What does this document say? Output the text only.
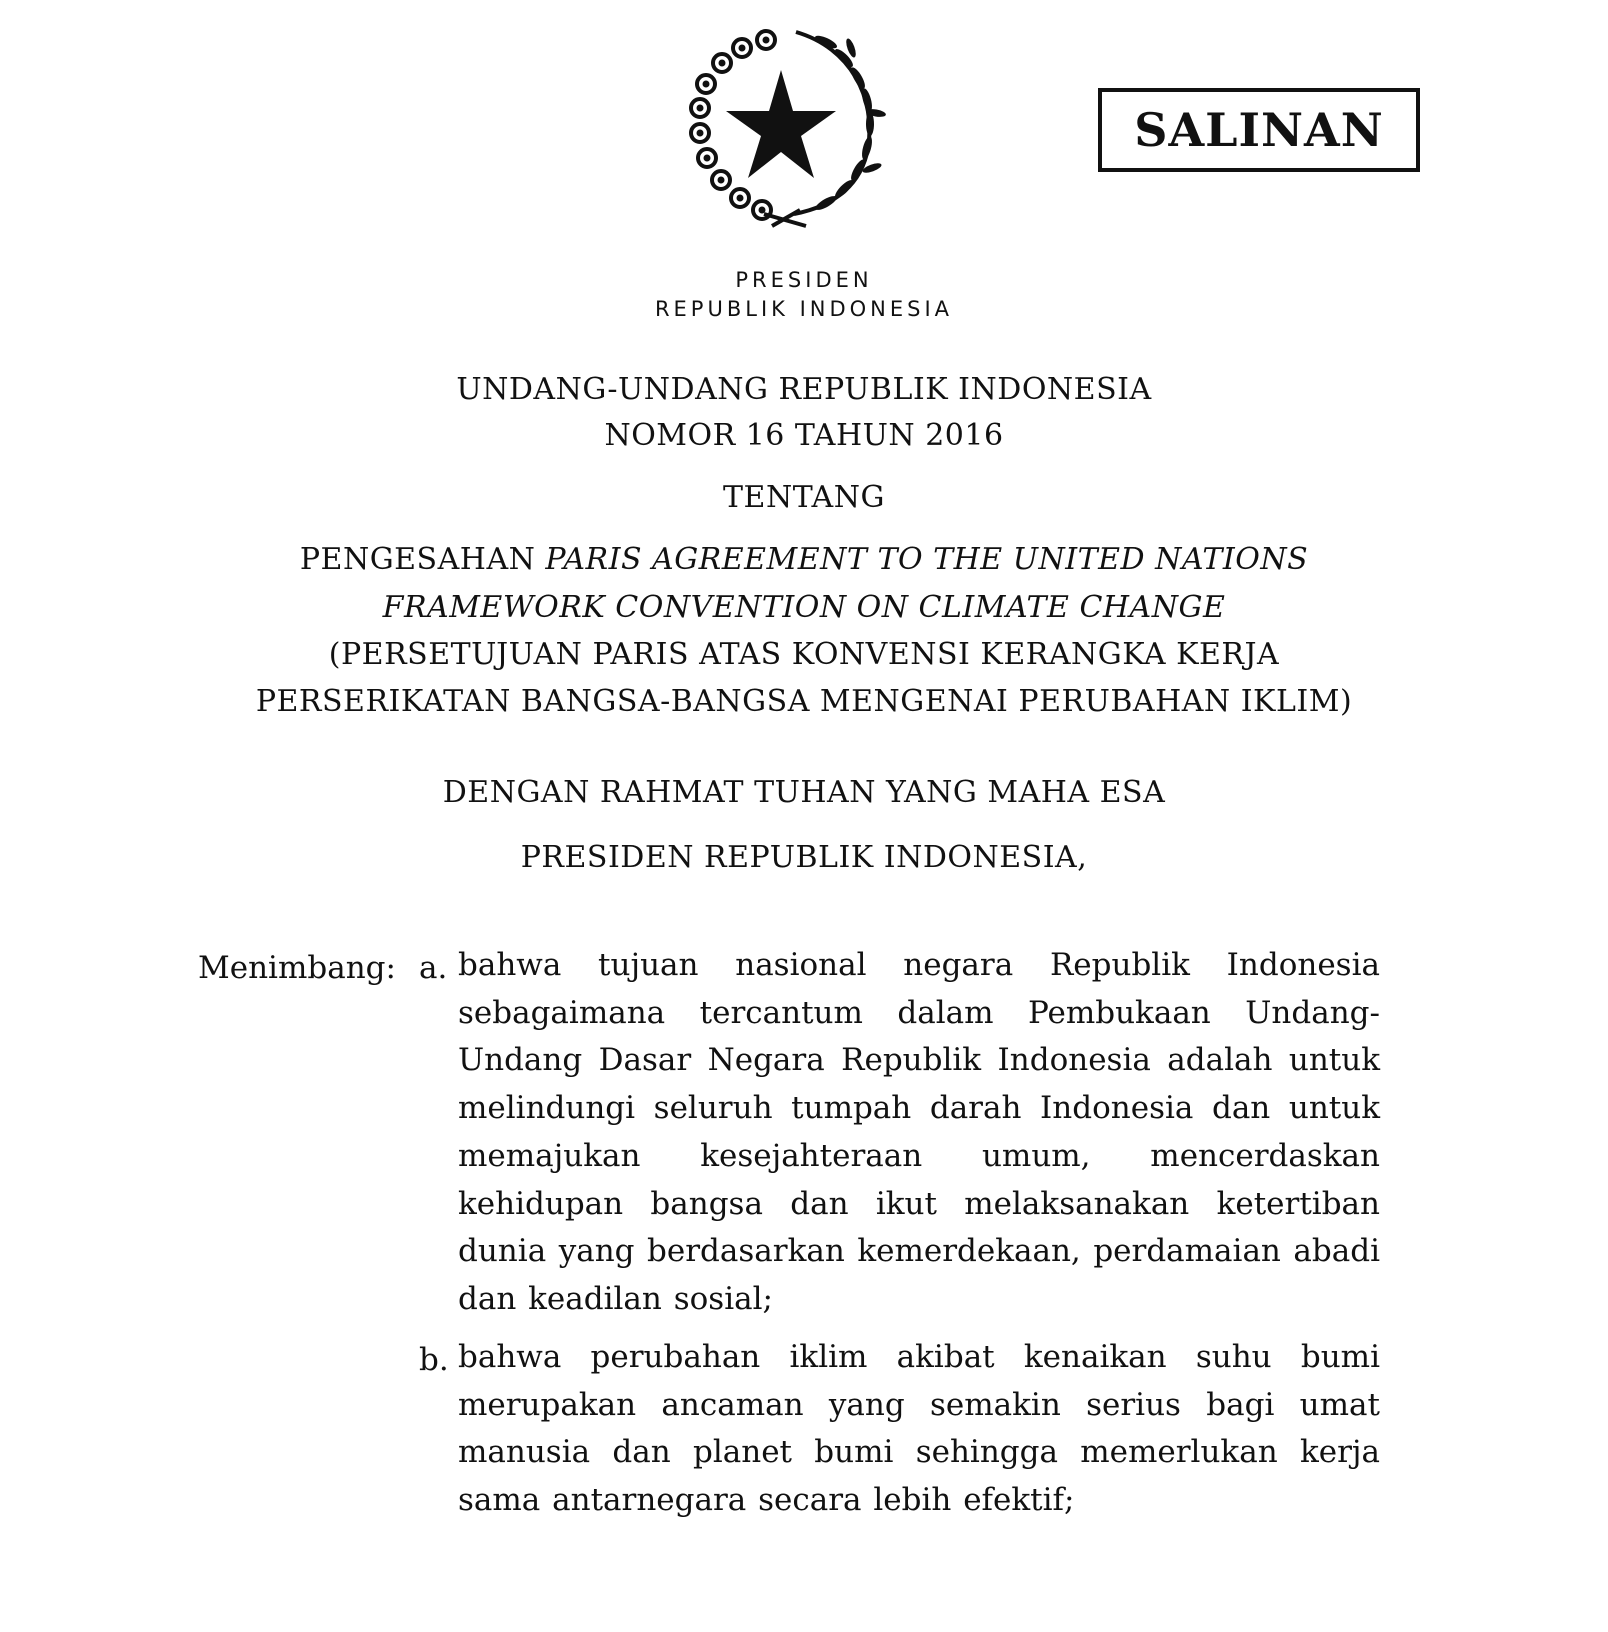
SALINAN
PRESIDEN
REPUBLIK INDONESIA
UNDANG-UNDANG REPUBLIK INDONESIA
NOMOR 16 TAHUN 2016
TENTANG
PENGESAHAN PARIS AGREEMENT TO THE UNITED NATIONS
FRAMEWORK CONVENTION ON CLIMATE CHANGE
(PERSETUJUAN PARIS ATAS KONVENSI KERANGKA KERJA
PERSERIKATAN BANGSA-BANGSA MENGENAI PERUBAHAN IKLIM)
DENGAN RAHMAT TUHAN YANG MAHA ESA
PRESIDEN REPUBLIK INDONESIA,
Menimbang: a. bahwa tujuan nasional negara Republik Indonesia sebagaimana tercantum dalam Pembukaan Undang-Undang Dasar Negara Republik Indonesia adalah untuk melindungi seluruh tumpah darah Indonesia dan untuk memajukan kesejahteraan umum, mencerdaskan kehidupan bangsa dan ikut melaksanakan ketertiban dunia yang berdasarkan kemerdekaan, perdamaian abadi dan keadilan sosial;
b. bahwa perubahan iklim akibat kenaikan suhu bumi merupakan ancaman yang semakin serius bagi umat manusia dan planet bumi sehingga memerlukan kerja sama antarnegara secara lebih efektif;
